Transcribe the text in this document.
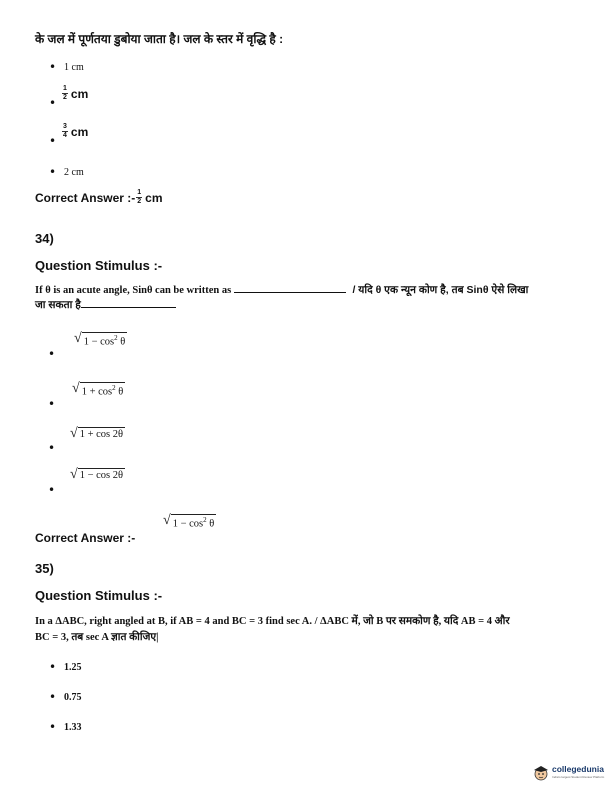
के जल में पूर्णतया डुबोया जाता है। जल के स्तर में वृद्धि है :
• 1 cm
•
$\frac{1}{2}$ cm
•
$\frac{3}{4}$ cm
• 2 cm
Correct Answer :- $\frac{1}{2}$ cm
34)
Question Stimulus :-
If θ is an acute angle, Sinθ can be written as	/ यदि θ एक न्यून कोण है, तब Sinθ ऐसे लिखा
जा सकता है
•
√ $1 - \cos^2 \theta$
•
√ $1 + \cos^2 \theta$
•
√ 1 + cos 2θ
•
√ 1 − cos 2θ
√ $1 - \cos^2 \theta$
Correct Answer :-
35)
Question Stimulus :-
In a ΔABC, right angled at B, if AB = 4 and BC = 3 find sec A. / ΔABC में, जो B पर समकोण है, यदि AB = 4 और
BC = 3, तब sec A ज्ञात कीजिए|
• 1.25
• 0.75
• 1.33
collegedunia
India's largest Student Review Platform
